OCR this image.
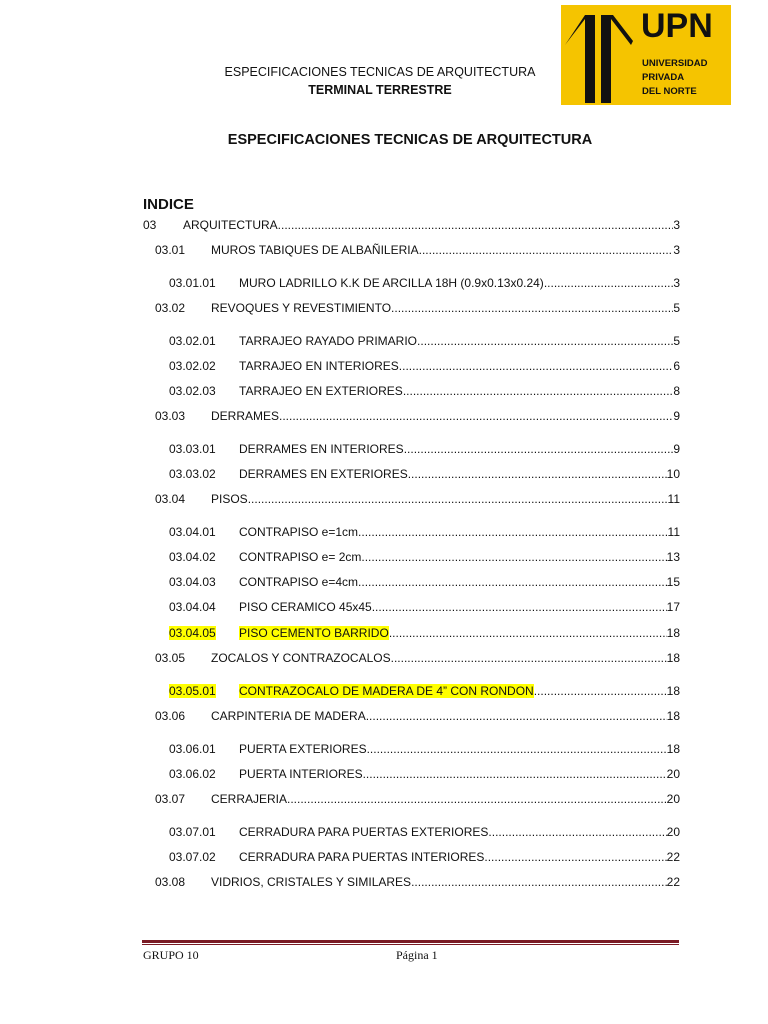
ESPECIFICACIONES TECNICAS DE ARQUITECTURA
TERMINAL TERRESTRE
UPN
UNIVERSIDAD
PRIVADA
DEL NORTE
ESPECIFICACIONES TECNICAS DE ARQUITECTURA
INDICE
03	ARQUITECTURA .....	3
03.01	MUROS TABIQUES DE ALBAÑILERIA .....	3
03.01.01	MURO LADRILLO K.K DE ARCILLA 18H (0.9x0.13x0.24) .....	3
03.02	REVOQUES Y REVESTIMIENTO .....	5
03.02.01	TARRAJEO RAYADO PRIMARIO .....	5
03.02.02	TARRAJEO EN INTERIORES .....	6
03.02.03	TARRAJEO EN EXTERIORES .....	8
03.03	DERRAMES .....	9
03.03.01	DERRAMES EN INTERIORES .....	9
03.03.02	DERRAMES EN EXTERIORES .....	10
03.04	PISOS .....	11
03.04.01	CONTRAPISO e=1cm .....	11
03.04.02	CONTRAPISO e= 2cm .....	13
03.04.03	CONTRAPISO e=4cm .....	15
03.04.04	PISO CERAMICO 45x45 .....	17
03.04.05	PISO CEMENTO BARRIDO .....	18
03.05	ZOCALOS Y CONTRAZOCALOS .....	18
03.05.01	CONTRAZOCALO DE MADERA DE 4” CON RONDON .....	18
03.06	CARPINTERIA DE MADERA .....	18
03.06.01	PUERTA EXTERIORES .....	18
03.06.02	PUERTA INTERIORES .....	20
03.07	CERRAJERIA .....	20
03.07.01	CERRADURA PARA PUERTAS EXTERIORES .....	20
03.07.02	CERRADURA PARA PUERTAS INTERIORES .....	22
03.08	VIDRIOS, CRISTALES Y SIMILARES .....	22
GRUPO 10	Página 1
